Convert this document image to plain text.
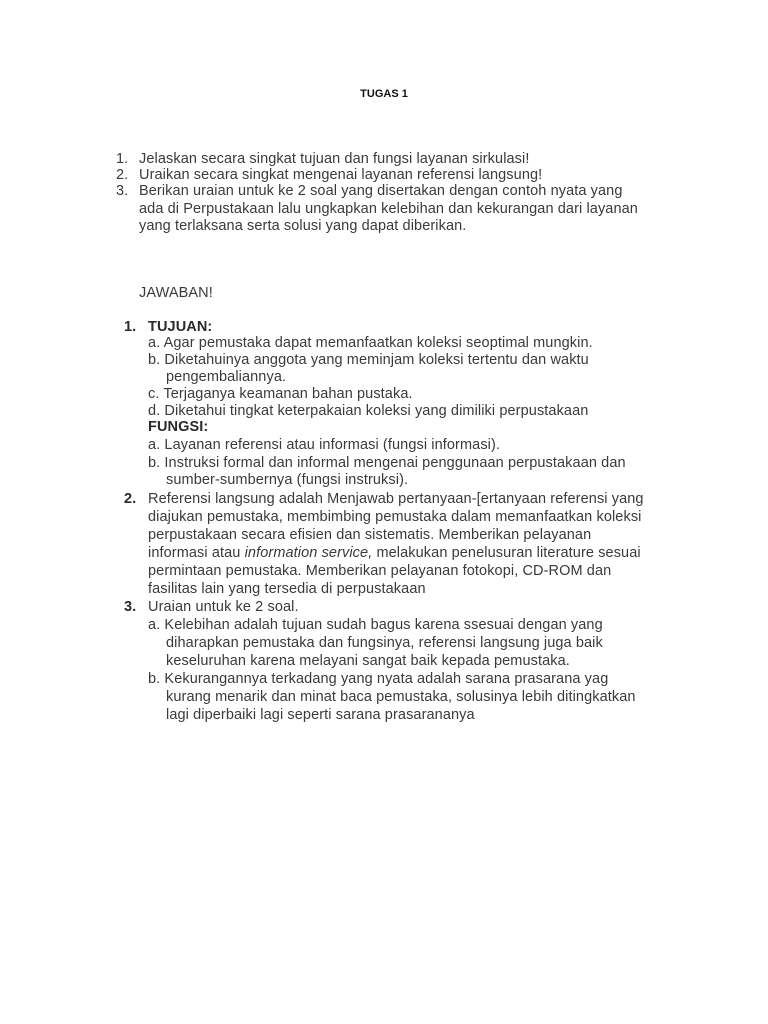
TUGAS 1
1. Jelaskan secara singkat tujuan dan fungsi layanan sirkulasi!
2. Uraikan secara singkat mengenai layanan referensi langsung!
3. Berikan uraian untuk ke 2 soal yang disertakan dengan contoh nyata yang
ada di Perpustakaan lalu ungkapkan kelebihan dan kekurangan dari layanan
yang terlaksana serta solusi yang dapat diberikan.
JAWABAN!
1. TUJUAN:
a. Agar pemustaka dapat memanfaatkan koleksi seoptimal mungkin.
b. Diketahuinya anggota yang meminjam koleksi tertentu dan waktu
pengembaliannya.
c. Terjaganya keamanan bahan pustaka.
d. Diketahui tingkat keterpakaian koleksi yang dimiliki perpustakaan
FUNGSI:
a. Layanan referensi atau informasi (fungsi informasi).
b. Instruksi formal dan informal mengenai penggunaan perpustakaan dan
sumber-sumbernya (fungsi instruksi).
2. Referensi langsung adalah Menjawab pertanyaan-[ertanyaan referensi yang
diajukan pemustaka, membimbing pemustaka dalam memanfaatkan koleksi
perpustakaan secara efisien dan sistematis. Memberikan pelayanan
informasi atau information service, melakukan penelusuran literature sesuai
permintaan pemustaka. Memberikan pelayanan fotokopi, CD-ROM dan
fasilitas lain yang tersedia di perpustakaan
3. Uraian untuk ke 2 soal.
a. Kelebihan adalah tujuan sudah bagus karena ssesuai dengan yang
diharapkan pemustaka dan fungsinya, referensi langsung juga baik
keseluruhan karena melayani sangat baik kepada pemustaka.
b. Kekurangannya terkadang yang nyata adalah sarana prasarana yag
kurang menarik dan minat baca pemustaka, solusinya lebih ditingkatkan
lagi diperbaiki lagi seperti sarana prasarananya
